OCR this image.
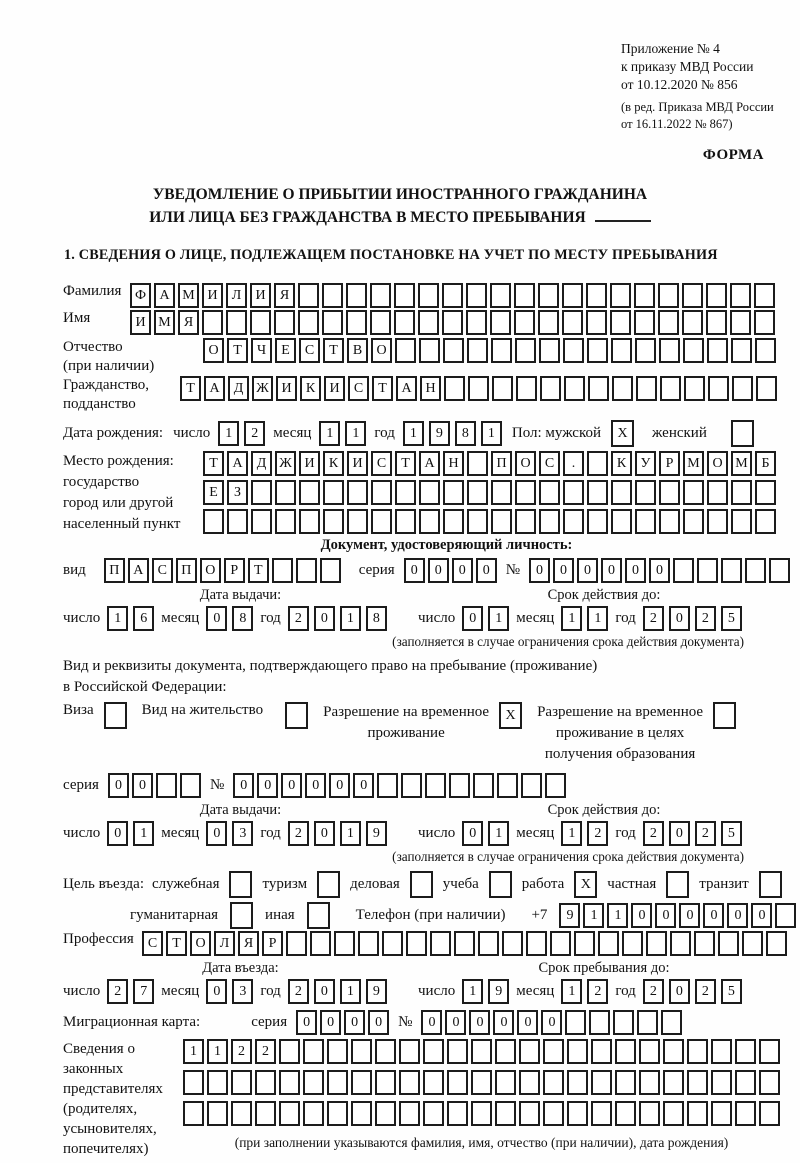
Приложение № 4
к приказу МВД России
от 10.12.2020 № 856
(в ред. Приказа МВД России
от 16.11.2022 № 867)
ФОРМА
УВЕДОМЛЕНИЕ О ПРИБЫТИИ ИНОСТРАННОГО ГРАЖДАНИНА
ИЛИ ЛИЦА БЕЗ ГРАЖДАНСТВА В МЕСТО ПРЕБЫВАНИЯ
1. СВЕДЕНИЯ О ЛИЦЕ, ПОДЛЕЖАЩЕМ ПОСТАНОВКЕ НА УЧЕТ ПО МЕСТУ ПРЕБЫВАНИЯ
Фамилия Ф А М И	Л	И	Я
Имя	И М Я
Отчество
(при наличии)
О	Т	Ч	Е	С	Т	В	О
Гражданство,
подданство
Т	А	Д Ж И	К	И	С	Т	А Н
Дата рождения: число	1	2	месяц	1	1	год	1	9	8	1	Пол: мужской	X	женский
Место рождения:
государство
город или другой
населенный пункт
Т	А	Д Ж И	К	И	С	Т	А Н	П О	С	.	К	У	Р М О М Б
Е	З
Документ, удостоверяющий личность:
вид	П А	С	П О	Р	Т	серия	0	0	0	0	№	0	0	0	0	0	0
Дата выдачи:
число	1	6 месяц	0	8 год	2	0	1	8
Срок действия до:
число	0	1 месяц	1	1 год	2	0	2	5
(заполняется в случае ограничения срока действия документа)
Вид и реквизиты документа, подтверждающего право на пребывание (проживание)
в Российской Федерации:
Виза	Вид на жительство	Разрешение на временное
проживание
X	Разрешение на временное
проживание в целях
получения образования
серия	0	0	№	0	0	0	0	0	0
Дата выдачи:
число	0	1 месяц	0	3 год	2	0	1	9
Срок действия до:
число	0	1 месяц	1	2 год	2	0	2	5
(заполняется в случае ограничения срока действия документа)
Цель въезда: служебная	туризм	деловая	учеба	работа	X	частная	транзит
гуманитарная	иная	Телефон (при наличии) +7	9	1	1	0	0	0	0	0	0
Профессия	С	Т	О	Л	Я	Р
Дата въезда:
число	2	7 месяц	0	3 год	2	0	1	9
Срок пребывания до:
число	1	9 месяц	1	2 год	2	0	2	5
Миграционная карта:	серия	0	0	0	0	№	0	0	0	0	0	0
Сведения о
законных
представителях
(родителях,
усыновителях,
попечителях)
1	1	2	2
(при заполнении указываются фамилия, имя, отчество (при наличии), дата рождения)
